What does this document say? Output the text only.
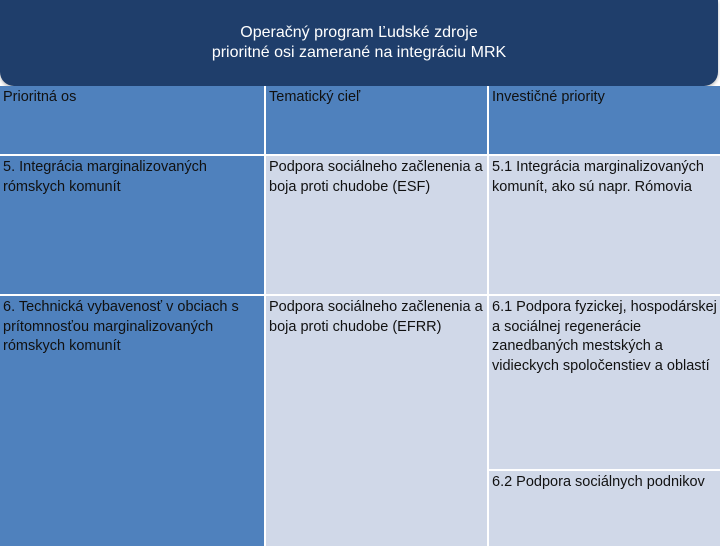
Operačný program Ľudské zdroje
prioritné osi zamerané na integráciu MRK
Prioritná os	Tematický cieľ	Investičné priority
5. Integrácia marginalizovaných rómskych komunít
Podpora sociálneho začlenenia a boja proti chudobe (ESF)
5.1 Integrácia marginalizovaných komunít, ako sú napr. Rómovia
6. Technická vybavenosť v obciach s prítomnosťou marginalizovaných rómskych komunít
Podpora sociálneho začlenenia a boja proti chudobe (EFRR)
6.1 Podpora fyzickej, hospodárskej a sociálnej regenerácie zanedbaných mestských a vidieckych spoločenstiev a oblastí
6.2 Podpora sociálnych podnikov
